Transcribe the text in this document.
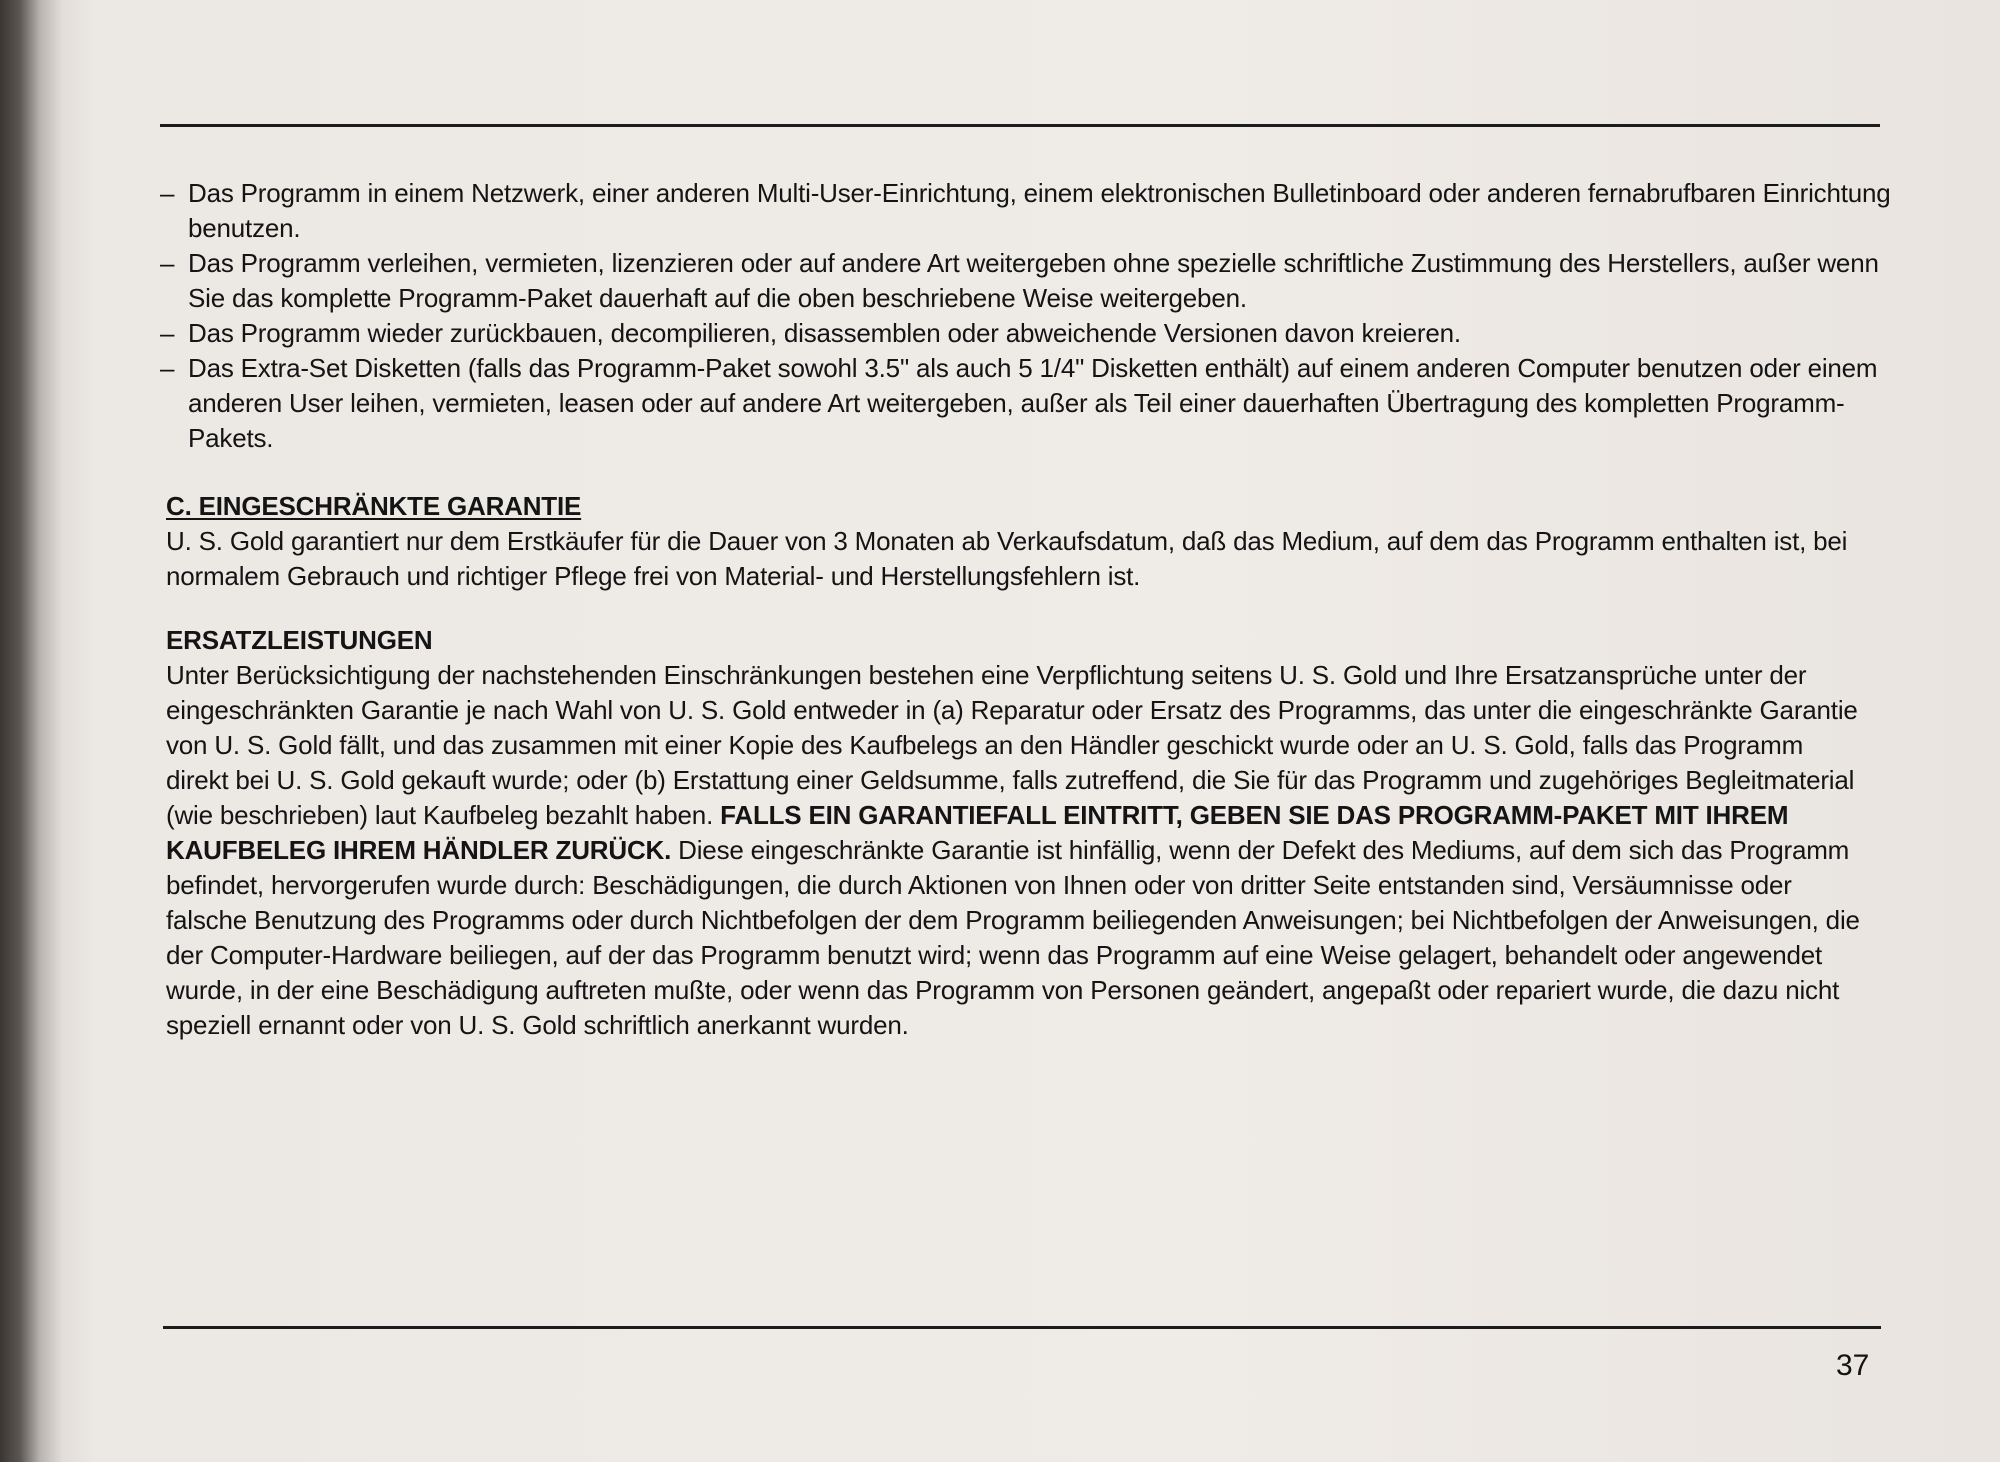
– Das Programm in einem Netzwerk, einer anderen Multi-User-Einrichtung, einem elektronischen Bulletinboard oder anderen fernabrufbaren Einrichtung benutzen.
– Das Programm verleihen, vermieten, lizenzieren oder auf andere Art weitergeben ohne spezielle schriftliche Zustimmung des Herstellers, außer wenn Sie das komplette Programm-Paket dauerhaft auf die oben beschriebene Weise weitergeben.
– Das Programm wieder zurückbauen, decompilieren, disassemblen oder abweichende Versionen davon kreieren.
– Das Extra-Set Disketten (falls das Programm-Paket sowohl 3.5" als auch 5 1/4" Disketten enthält) auf einem anderen Computer benutzen oder einem anderen User leihen, vermieten, leasen oder auf andere Art weitergeben, außer als Teil einer dauerhaften Übertragung des kompletten Programm-Pakets.
C. EINGESCHRÄNKTE GARANTIE

U. S. Gold garantiert nur dem Erstkäufer für die Dauer von 3 Monaten ab Verkaufsdatum, daß das Medium, auf dem das Programm enthalten ist, bei normalem Gebrauch und richtiger Pflege frei von Material- und Herstellungsfehlern ist.

ERSATZLEISTUNGEN

Unter Berücksichtigung der nachstehenden Einschränkungen bestehen eine Verpflichtung seitens U. S. Gold und Ihre Ersatzansprüche unter der eingeschränkten Garantie je nach Wahl von U. S. Gold entweder in (a) Reparatur oder Ersatz des Programms, das unter die eingeschränkte Garantie von U. S. Gold fällt, und das zusammen mit einer Kopie des Kaufbelegs an den Händler geschickt wurde oder an U. S. Gold, falls das Programm direkt bei U. S. Gold gekauft wurde; oder (b) Erstattung einer Geldsumme, falls zutreffend, die Sie für das Programm und zugehöriges Begleitmaterial (wie beschrieben) laut Kaufbeleg bezahlt haben. FALLS EIN GARANTIEFALL EINTRITT, GEBEN SIE DAS PROGRAMM-PAKET MIT IHREM KAUFBELEG IHREM HÄNDLER ZURÜCK. Diese eingeschränkte Garantie ist hinfällig, wenn der Defekt des Mediums, auf dem sich das Programm befindet, hervorgerufen wurde durch: Beschädigungen, die durch Aktionen von Ihnen oder von dritter Seite entstanden sind, Versäumnisse oder falsche Benutzung des Programms oder durch Nichtbefolgen der dem Programm beiliegenden Anweisungen; bei Nichtbefolgen der Anweisungen, die der Computer-Hardware beiliegen, auf der das Programm benutzt wird; wenn das Programm auf eine Weise gelagert, behandelt oder angewendet wurde, in der eine Beschädigung auftreten mußte, oder wenn das Programm von Personen geändert, angepaßt oder repariert wurde, die dazu nicht speziell ernannt oder von U. S. Gold schriftlich anerkannt wurden.

37
